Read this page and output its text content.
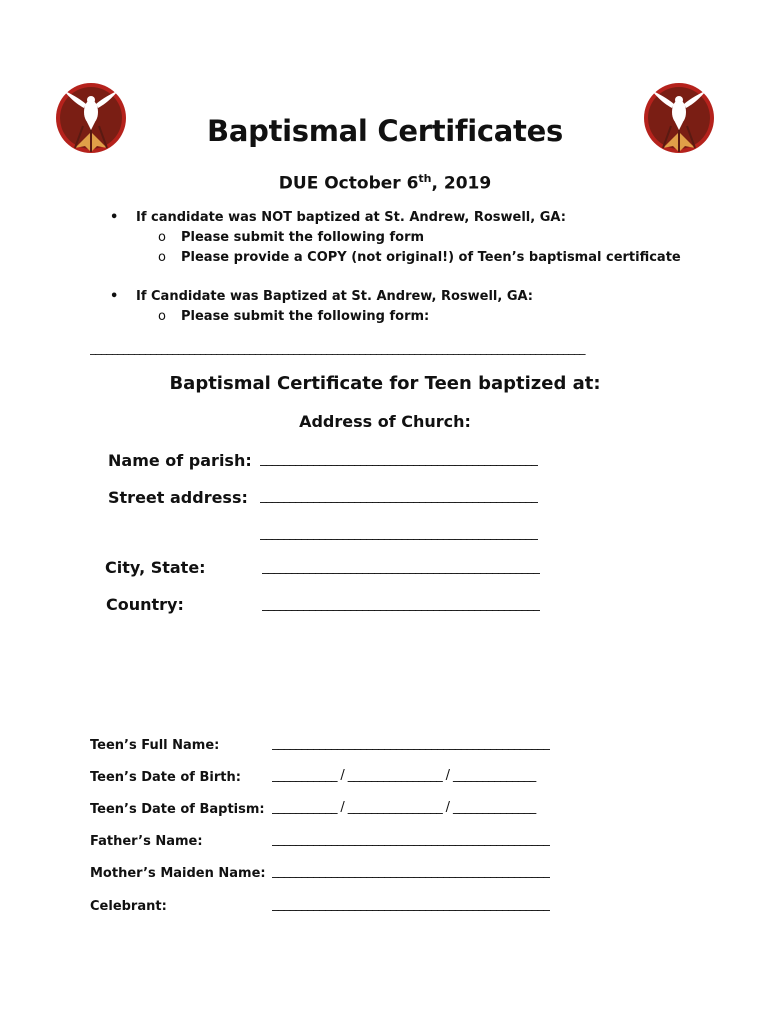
Baptismal Certificates
DUE October 6th, 2019
• If candidate was NOT baptized at St. Andrew, Roswell, GA:
o Please submit the following form
o Please provide a COPY (not original!) of Teen’s baptismal certificate
• If Candidate was Baptized at St. Andrew, Roswell, GA:
o Please submit the following form:
__________________________________________________________________________________________
Baptismal Certificate for Teen baptized at:
Address of Church:
Name of parish: _______________________________________________
Street address: _______________________________________________
_______________________________________________
City, State:	_______________________________________________
Country:	_______________________________________________
Teen’s Full Name:	_______________________________________________
Teen’s Date of Birth: ___________ / ________________ / ______________
Teen’s Date of Baptism: ___________ / ________________ / ______________
Father’s Name:	_______________________________________________
Mother’s Maiden Name: _______________________________________________
Celebrant:	_______________________________________________
